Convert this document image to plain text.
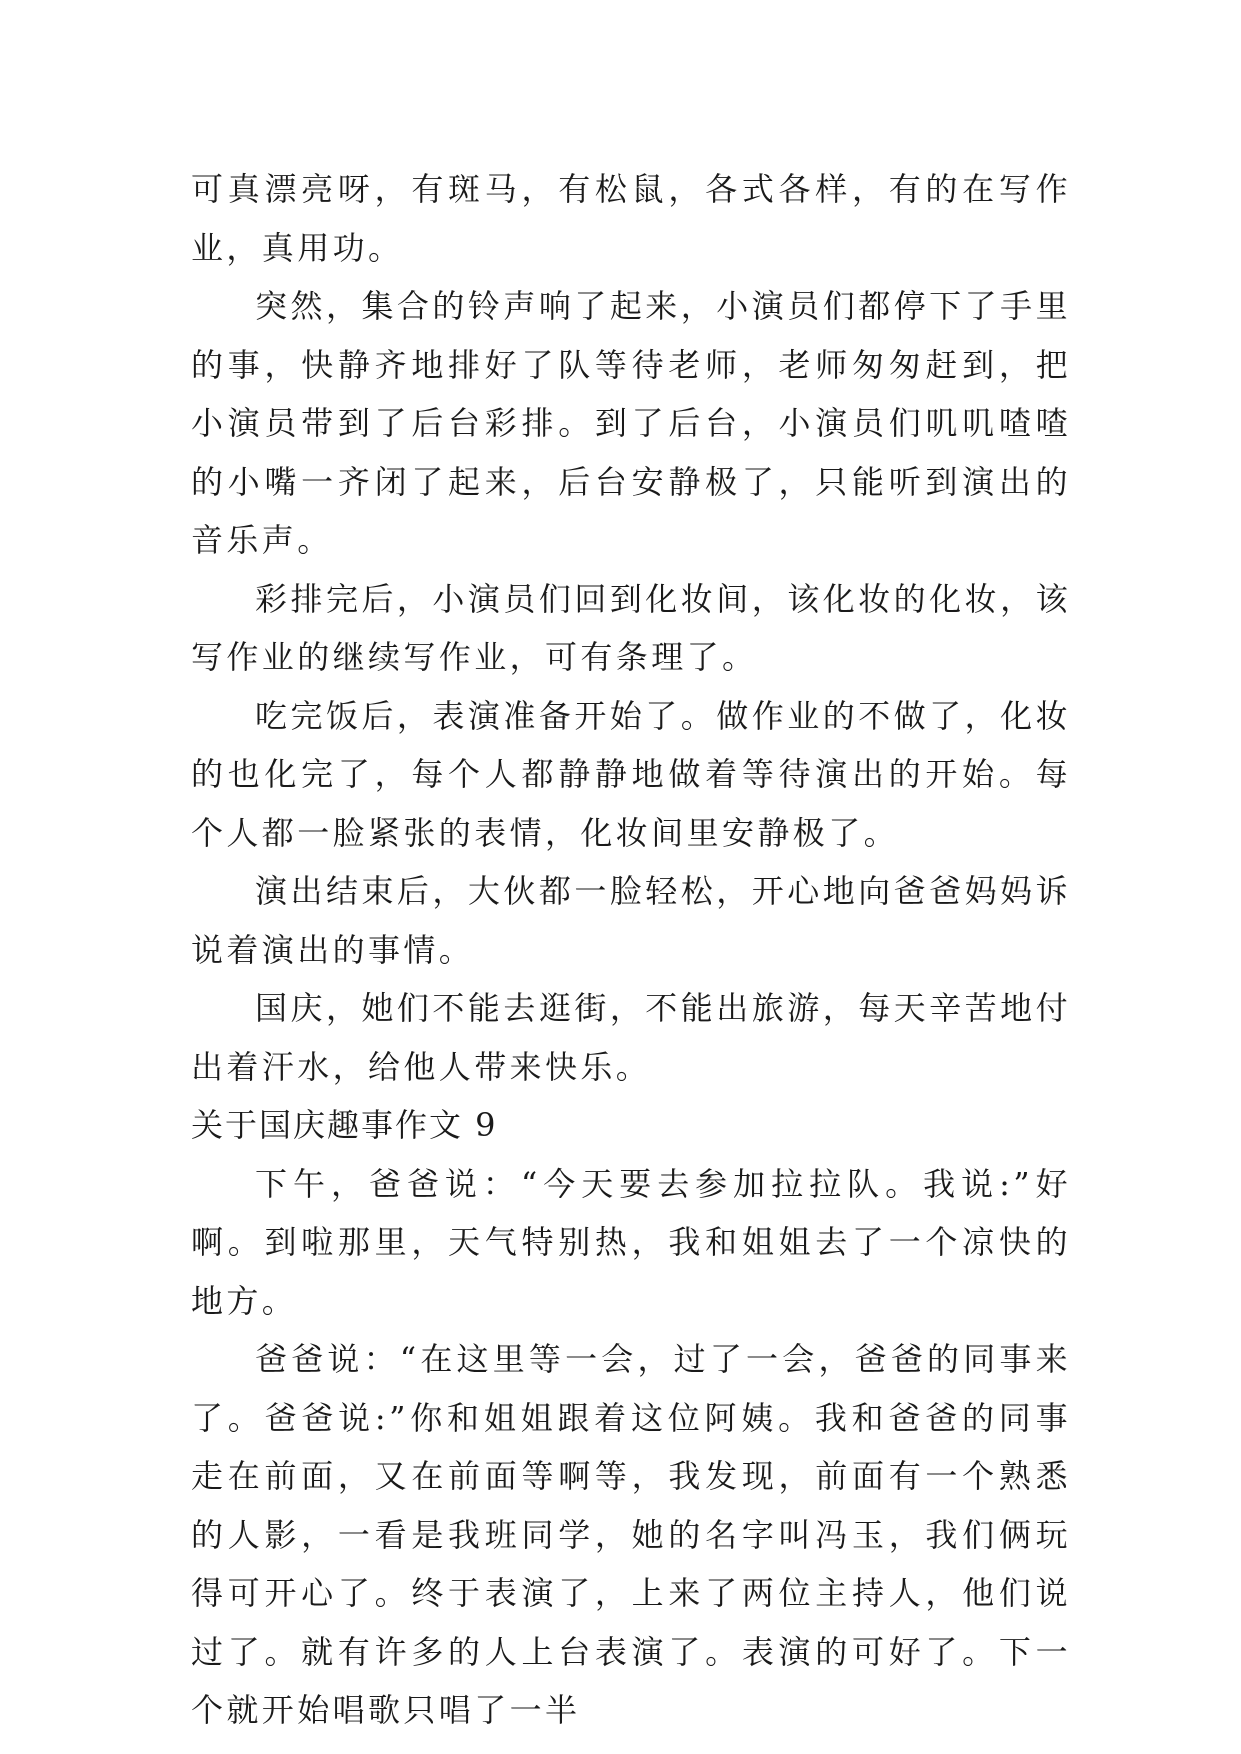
可真漂亮呀，有斑马，有松鼠，各式各样，有的在写作业，真用功。

突然，集合的铃声响了起来，小演员们都停下了手里的事，快静齐地排好了队等待老师，老师匆匆赶到，把小演员带到了后台彩排。到了后台，小演员们叽叽喳喳的小嘴一齐闭了起来，后台安静极了，只能听到演出的音乐声。

彩排完后，小演员们回到化妆间，该化妆的化妆，该写作业的继续写作业，可有条理了。

吃完饭后，表演准备开始了。做作业的不做了，化妆的也化完了，每个人都静静地做着等待演出的开始。每个人都一脸紧张的表情，化妆间里安静极了。

演出结束后，大伙都一脸轻松，开心地向爸爸妈妈诉说着演出的事情。

国庆，她们不能去逛街，不能出旅游，每天辛苦地付出着汗水，给他人带来快乐。

关于国庆趣事作文 9

下午，爸爸说：“今天要去参加拉拉队。我说:”好啊。到啦那里，天气特别热，我和姐姐去了一个凉快的地方。

爸爸说：“在这里等一会，过了一会，爸爸的同事来了。爸爸说:”你和姐姐跟着这位阿姨。我和爸爸的同事走在前面，又在前面等啊等，我发现，前面有一个熟悉的人影，一看是我班同学，她的名字叫冯玉，我们俩玩得可开心了。终于表演了，上来了两位主持人，他们说过了。就有许多的人上台表演了。表演的可好了。下一个就开始唱歌只唱了一半
